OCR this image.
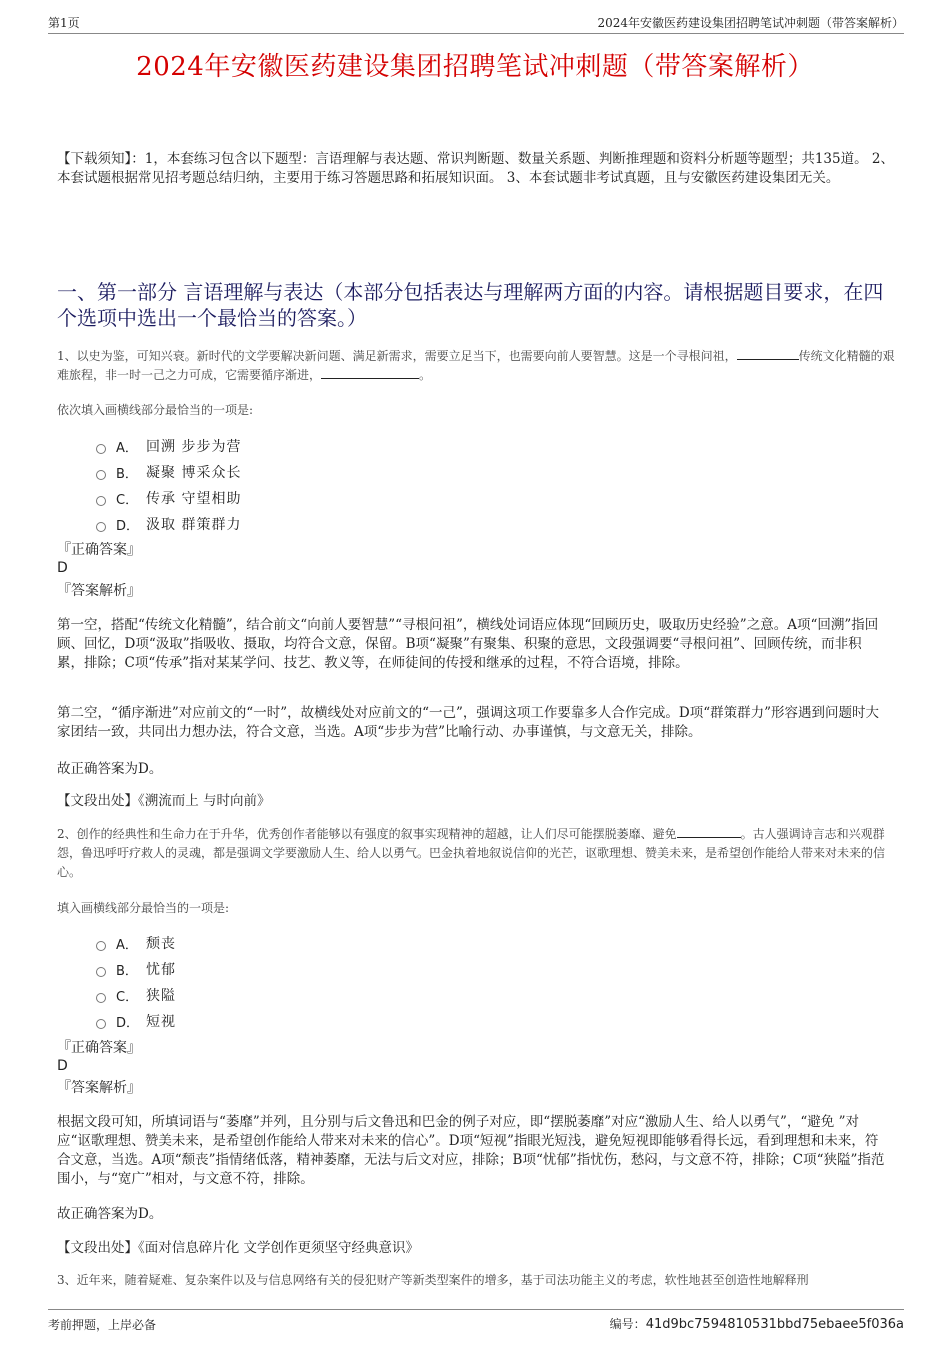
第1页	2024年安徽医药建设集团招聘笔试冲刺题（带答案解析）
2024年安徽医药建设集团招聘笔试冲刺题（带答案解析）
【下载须知】：1，本套练习包含以下题型：言语理解与表达题、常识判断题、数量关系题、判断推理题和资料分析题等题型；共135道。 2、本套试题根据常见招考题总结归纳，主要用于练习答题思路和拓展知识面。 3、本套试题非考试真题，且与安徽医药建设集团无关。
一、第一部分 言语理解与表达（本部分包括表达与理解两方面的内容。请根据题目要求，在四个选项中选出一个最恰当的答案。）
1、以史为鉴，可知兴衰。新时代的文学要解决新问题、满足新需求，需要立足当下，也需要向前人要智慧。这是一个寻根问祖，	传统文化精髓的艰难旅程，非一时一己之力可成，它需要循序渐进，	。
依次填入画横线部分最恰当的一项是:
A． 回溯 步步为营
B． 凝聚 博采众长
C． 传承 守望相助
D． 汲取 群策群力
『正确答案』
D
『答案解析』
第一空，搭配“传统文化精髓”，结合前文“向前人要智慧”“寻根问祖”，横线处词语应体现“回顾历史，吸取历史经验”之意。A项“回溯”指回顾、回忆，D项“汲取”指吸收、摄取，均符合文意，保留。B项“凝聚”有聚集、积聚的意思，文段强调要“寻根问祖”、回顾传统，而非积累，排除；C项“传承”指对某某学问、技艺、教义等，在师徒间的传授和继承的过程，不符合语境，排除。
第二空，“循序渐进”对应前文的“一时”，故横线处对应前文的“一己”，强调这项工作要靠多人合作完成。D项“群策群力”形容遇到问题时大家团结一致，共同出力想办法，符合文意，当选。A项“步步为营”比喻行动、办事谨慎，与文意无关，排除。
故正确答案为D。
【文段出处】《溯流而上 与时向前》
2、创作的经典性和生命力在于升华，优秀创作者能够以有强度的叙事实现精神的超越，让人们尽可能摆脱萎靡、避免	。古人强调诗言志和兴观群怨，鲁迅呼吁疗救人的灵魂，都是强调文学要激励人生、给人以勇气。巴金执着地叙说信仰的光芒，讴歌理想、赞美未来，是希望创作能给人带来对未来的信心。
填入画横线部分最恰当的一项是:
A． 颓丧
B． 忧郁
C． 狭隘
D． 短视
『正确答案』
D
『答案解析』
根据文段可知，所填词语与“萎靡”并列，且分别与后文鲁迅和巴金的例子对应，即“摆脱萎靡”对应“激励人生、给人以勇气”，“避免 ”对应“讴歌理想、赞美未来，是希望创作能给人带来对未来的信心”。D项“短视”指眼光短浅，避免短视即能够看得长远，看到理想和未来，符合文意，当选。A项“颓丧”指情绪低落，精神萎靡，无法与后文对应，排除；B项“忧郁”指忧伤，愁闷，与文意不符，排除；C项“狭隘”指范围小，与“宽广”相对，与文意不符，排除。
故正确答案为D。
【文段出处】《面对信息碎片化 文学创作更须坚守经典意识》
3、近年来，随着疑难、复杂案件以及与信息网络有关的侵犯财产等新类型案件的增多，基于司法功能主义的考虑，软性地甚至创造性地解释刑
考前押题，上岸必备	编号：41d9bc7594810531bbd75ebaee5f036a
